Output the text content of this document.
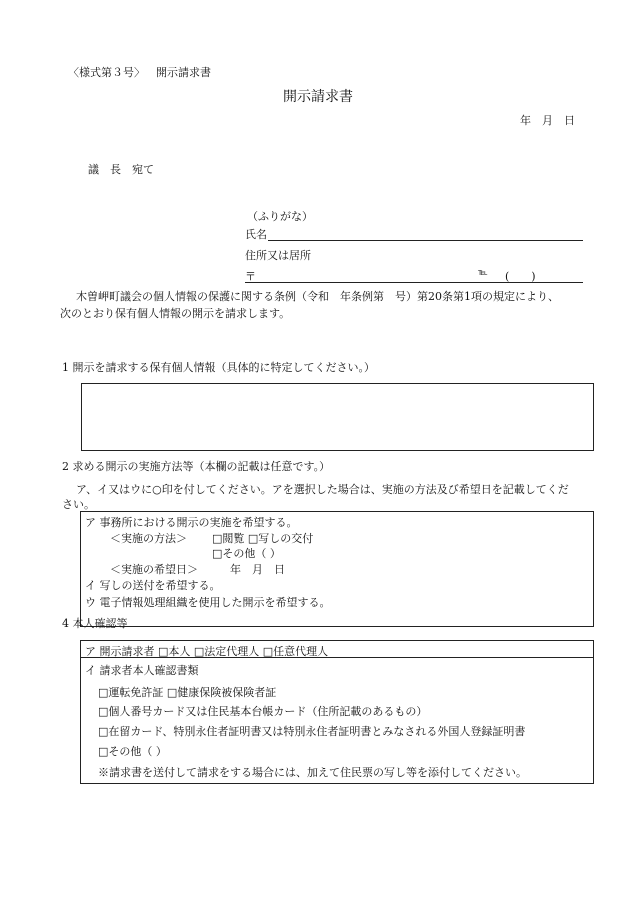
〈様式第３号〉 開示請求書
開示請求書
年　月　日
議　長　宛て
（ふりがな）
氏名
住所又は居所
〒	℡ (　　)
木曽岬町議会の個人情報の保護に関する条例（令和　年条例第　号）第20条第1項の規定により、
次のとおり保有個人情報の開示を請求します。
1 開示を請求する保有個人情報（具体的に特定してください。）
2 求める開示の実施方法等（本欄の記載は任意です。）
ア、イ又はウに○印を付してください。アを選択した場合は、実施の方法及び希望日を記載してくだ
さい。
ア 事務所における開示の実施を希望する。
＜実施の方法＞ □閲覧 □写しの交付
□その他（ ）
＜実施の希望日＞	年　月　日
イ 写しの送付を希望する。
ウ 電子情報処理組織を使用した開示を希望する。
4 本人確認等
ア 開示請求者 □本人 □法定代理人 □任意代理人
イ 請求者本人確認書類
□運転免許証 □健康保険被保険者証
□個人番号カード又は住民基本台帳カード（住所記載のあるもの）
□在留カード、特別永住者証明書又は特別永住者証明書とみなされる外国人登録証明書
□その他（ ）
※請求書を送付して請求をする場合には、加えて住民票の写し等を添付してください。
